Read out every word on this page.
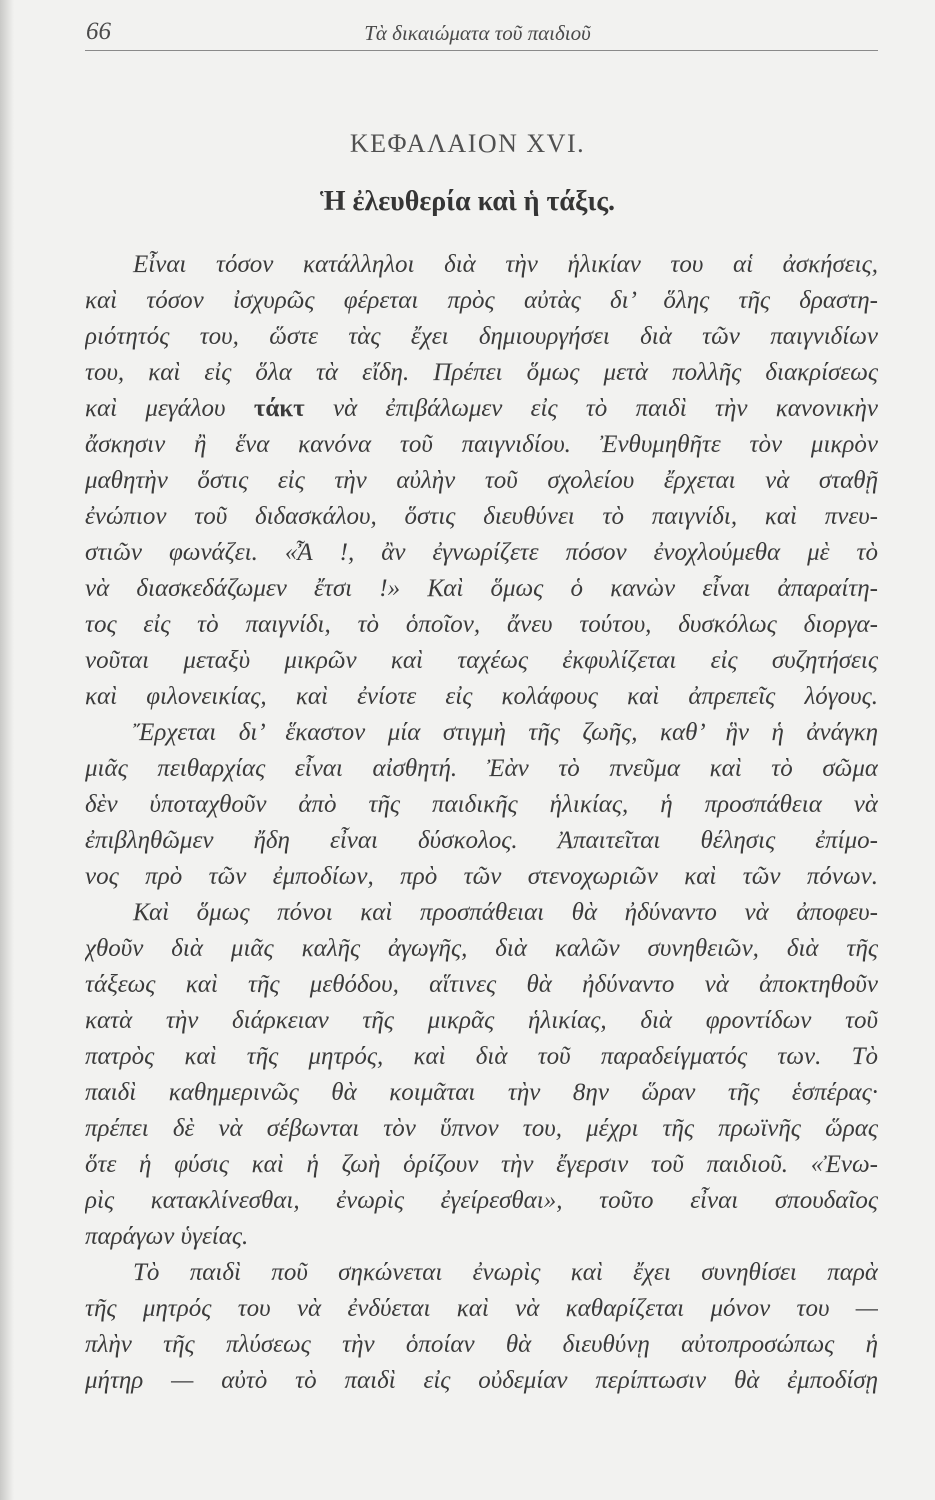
66	Τὰ δικαιώματα τοῦ παιδιοῦ
ΚΕΦΑΛΑΙΟΝ XVI.
Ἡ ἐλευθερία καὶ ἡ τάξις.
Εἶναι τόσον κατάλληλοι διὰ τὴν ἡλικίαν του αἱ ἀσκήσεις,
καὶ τόσον ἰσχυρῶς φέρεται πρὸς αὐτὰς δι’ ὅλης τῆς δραστη-
ριότητός του, ὥστε τὰς ἔχει δημιουργήσει διὰ τῶν παιγνιδίων
του, καὶ εἰς ὅλα τὰ εἴδη. Πρέπει ὅμως μετὰ πολλῆς διακρίσεως
καὶ μεγάλου τάκτ νὰ ἐπιβάλωμεν εἰς τὸ παιδὶ τὴν κανονικὴν
ἄσκησιν ἢ ἕνα κανόνα τοῦ παιγνιδίου. Ἐνθυμηθῆτε τὸν μικρὸν
μαθητὴν ὅστις εἰς τὴν αὐλὴν τοῦ σχολείου ἔρχεται νὰ σταθῇ
ἐνώπιον τοῦ διδασκάλου, ὅστις διευθύνει τὸ παιγνίδι, καὶ πνευ-
στιῶν φωνάζει. «Ἆ !, ἂν ἐγνωρίζετε πόσον ἐνοχλούμεθα μὲ τὸ
νὰ διασκεδάζωμεν ἔτσι !» Καὶ ὅμως ὁ κανὼν εἶναι ἀπαραίτη-
τος εἰς τὸ παιγνίδι, τὸ ὁποῖον, ἄνευ τούτου, δυσκόλως διοργα-
νοῦται μεταξὺ μικρῶν καὶ ταχέως ἐκφυλίζεται εἰς συζητήσεις
καὶ φιλονεικίας, καὶ ἐνίοτε εἰς κολάφους καὶ ἀπρεπεῖς λόγους.
Ἔρχεται δι’ ἕκαστον μία στιγμὴ τῆς ζωῆς, καθ’ ἣν ἡ ἀνάγκη
μιᾶς πειθαρχίας εἶναι αἰσθητή. Ἐὰν τὸ πνεῦμα καὶ τὸ σῶμα
δὲν ὑποταχθοῦν ἀπὸ τῆς παιδικῆς ἡλικίας, ἡ προσπάθεια νὰ
ἐπιβληθῶμεν ἤδη εἶναι δύσκολος. Ἀπαιτεῖται θέλησις ἐπίμο-
νος πρὸ τῶν ἐμποδίων, πρὸ τῶν στενοχωριῶν καὶ τῶν πόνων.
Καὶ ὅμως πόνοι καὶ προσπάθειαι θὰ ἠδύναντο νὰ ἀποφευ-
χθοῦν διὰ μιᾶς καλῆς ἀγωγῆς, διὰ καλῶν συνηθειῶν, διὰ τῆς
τάξεως καὶ τῆς μεθόδου, αἵτινες θὰ ἠδύναντο νὰ ἀποκτηθοῦν
κατὰ τὴν διάρκειαν τῆς μικρᾶς ἡλικίας, διὰ φροντίδων τοῦ
πατρὸς καὶ τῆς μητρός, καὶ διὰ τοῦ παραδείγματός των. Τὸ
παιδὶ καθημερινῶς θὰ κοιμᾶται τὴν 8ην ὥραν τῆς ἑσπέρας·
πρέπει δὲ νὰ σέβωνται τὸν ὕπνον του, μέχρι τῆς πρωϊνῆς ὥρας
ὅτε ἡ φύσις καὶ ἡ ζωὴ ὁρίζουν τὴν ἔγερσιν τοῦ παιδιοῦ. «Ἐνω-
ρὶς κατακλίνεσθαι, ἐνωρὶς ἐγείρεσθαι», τοῦτο εἶναι σπουδαῖος
παράγων ὑγείας.
Τὸ παιδὶ ποῦ σηκώνεται ἐνωρὶς καὶ ἔχει συνηθίσει παρὰ
τῆς μητρός του νὰ ἐνδύεται καὶ νὰ καθαρίζεται μόνον του —
πλὴν τῆς πλύσεως τὴν ὁποίαν θὰ διευθύνῃ αὐτοπροσώπως ἡ
μήτηρ — αὐτὸ τὸ παιδὶ εἰς οὐδεμίαν περίπτωσιν θὰ ἐμποδίσῃ
